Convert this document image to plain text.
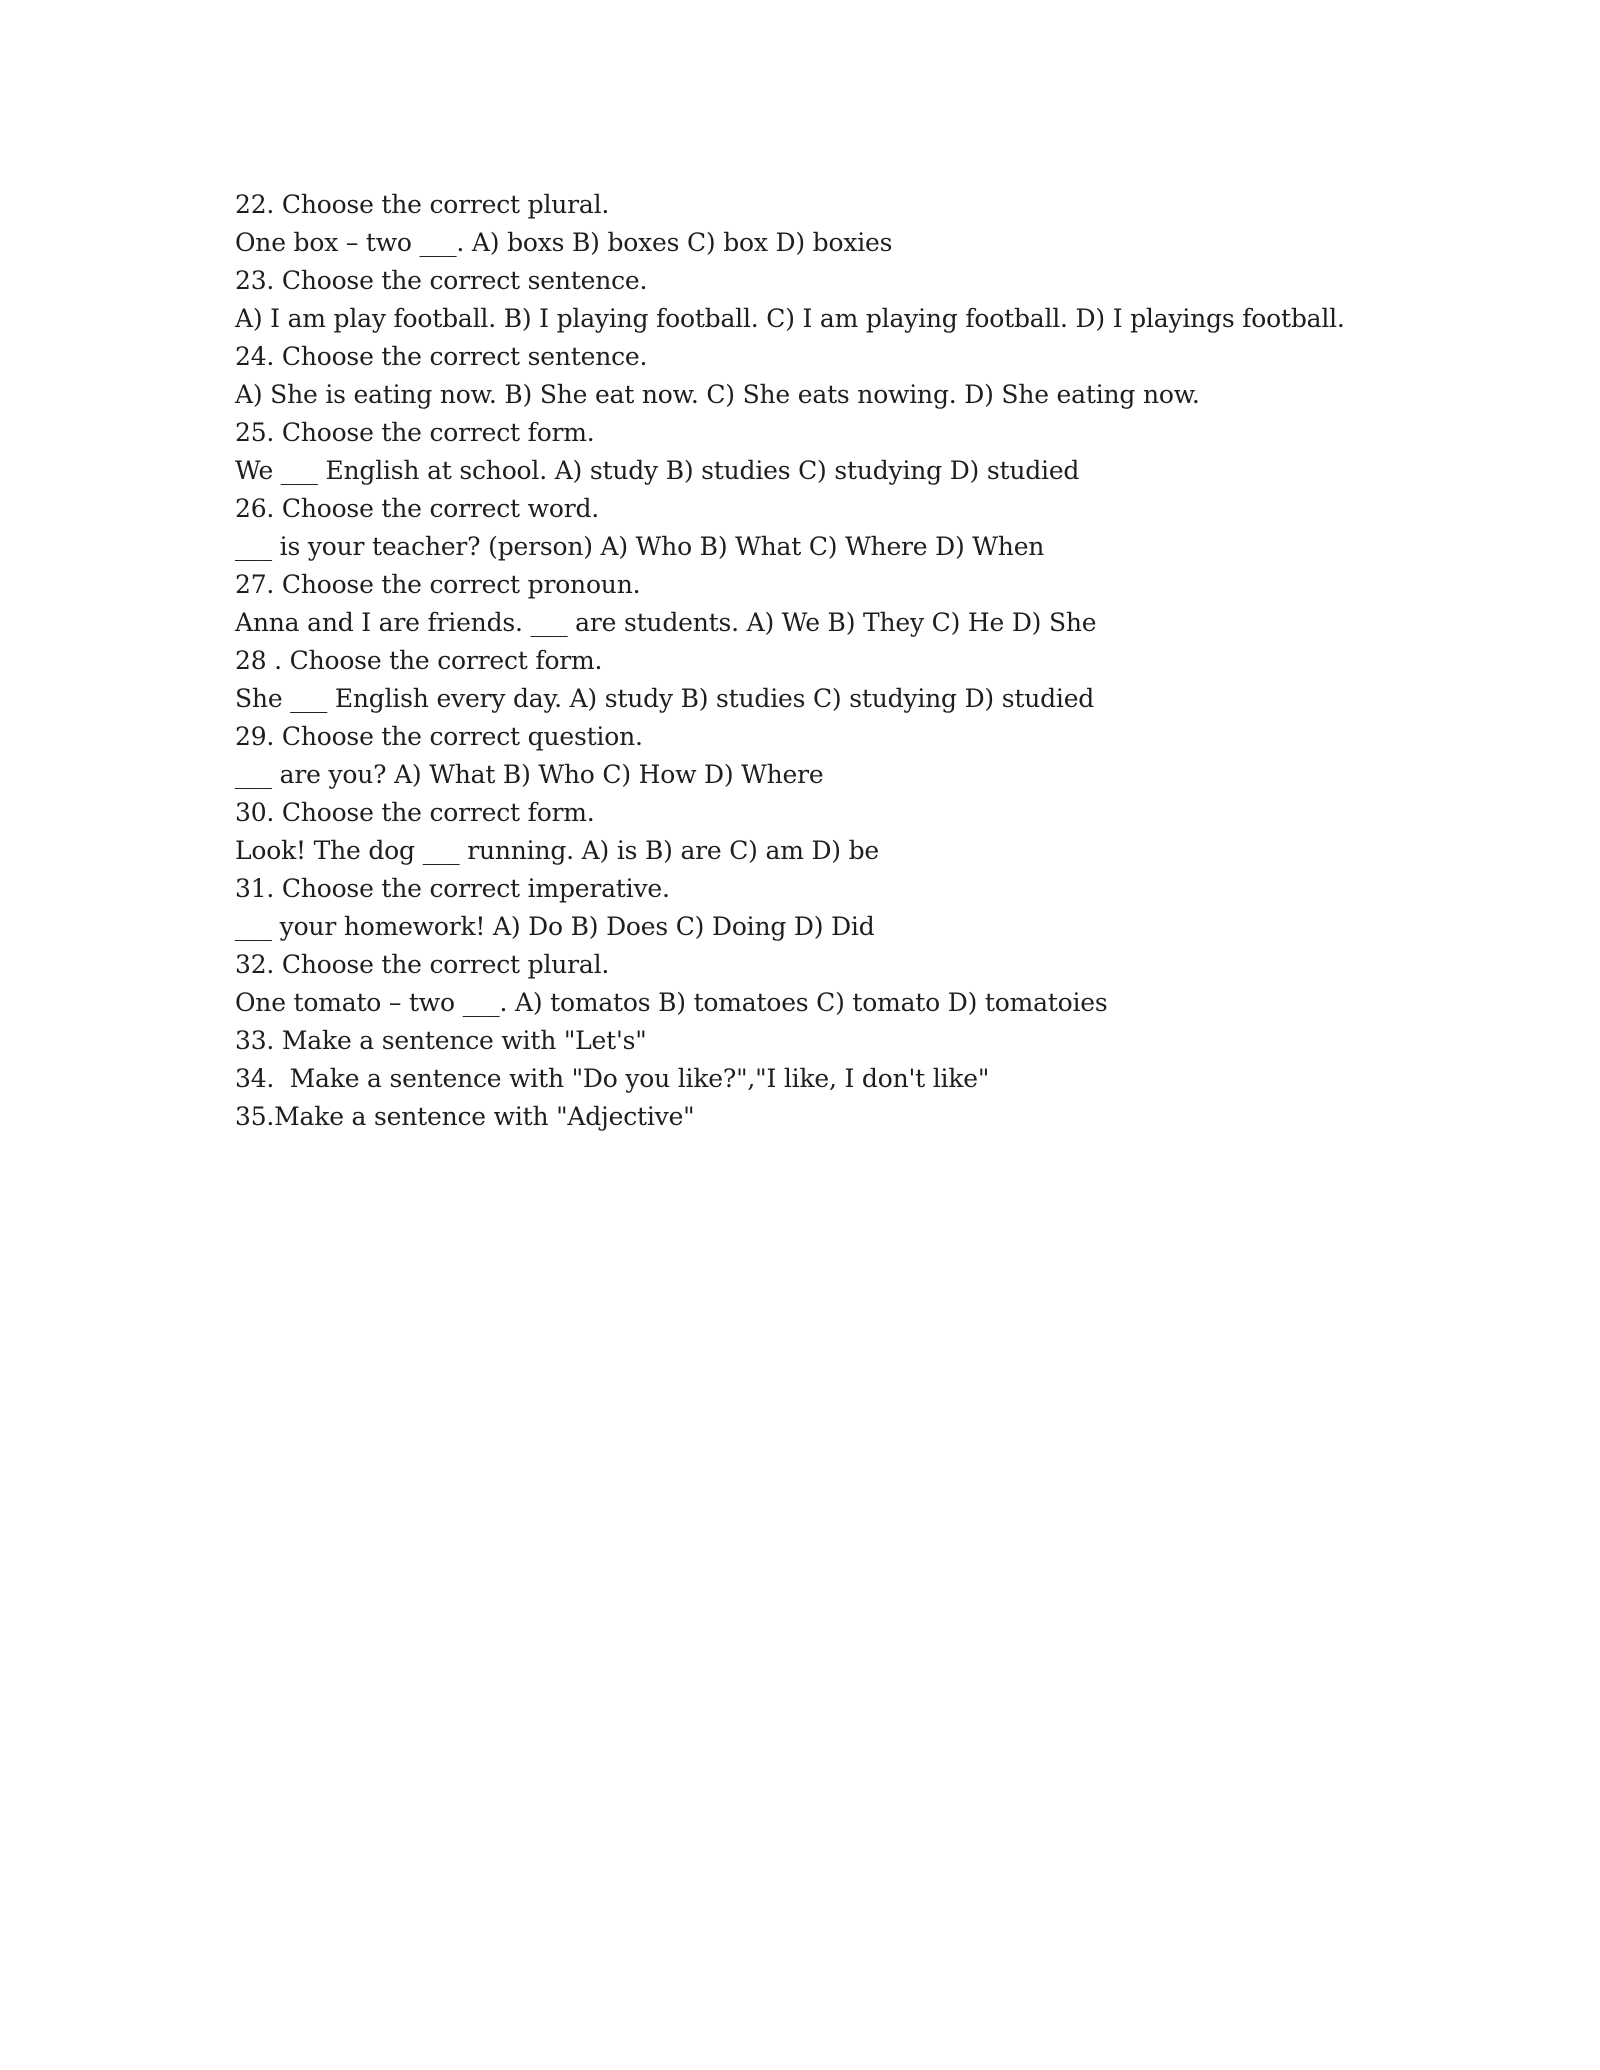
22. Choose the correct plural.
One box – two ___. A) boxs B) boxes C) box D) boxies
23. Choose the correct sentence.
A) I am play football. B) I playing football. C) I am playing football. D) I playings football.
24. Choose the correct sentence.
A) She is eating now. B) She eat now. C) She eats nowing. D) She eating now.
25. Choose the correct form.
We ___ English at school. A) study B) studies C) studying D) studied
26. Choose the correct word.
___ is your teacher? (person) A) Who B) What C) Where D) When
27. Choose the correct pronoun.
Anna and I are friends. ___ are students. A) We B) They C) He D) She
28 . Choose the correct form.
She ___ English every day. A) study B) studies C) studying D) studied
29. Choose the correct question.
___ are you? A) What B) Who C) How D) Where
30. Choose the correct form.
Look! The dog ___ running. A) is B) are C) am D) be
31. Choose the correct imperative.
___ your homework! A) Do B) Does C) Doing D) Did
32. Choose the correct plural.
One tomato – two ___. A) tomatos B) tomatoes C) tomato D) tomatoies
33. Make a sentence with "Let's"
34.  Make a sentence with "Do you like?","I like, I don't like"
35.Make a sentence with "Adjective"
